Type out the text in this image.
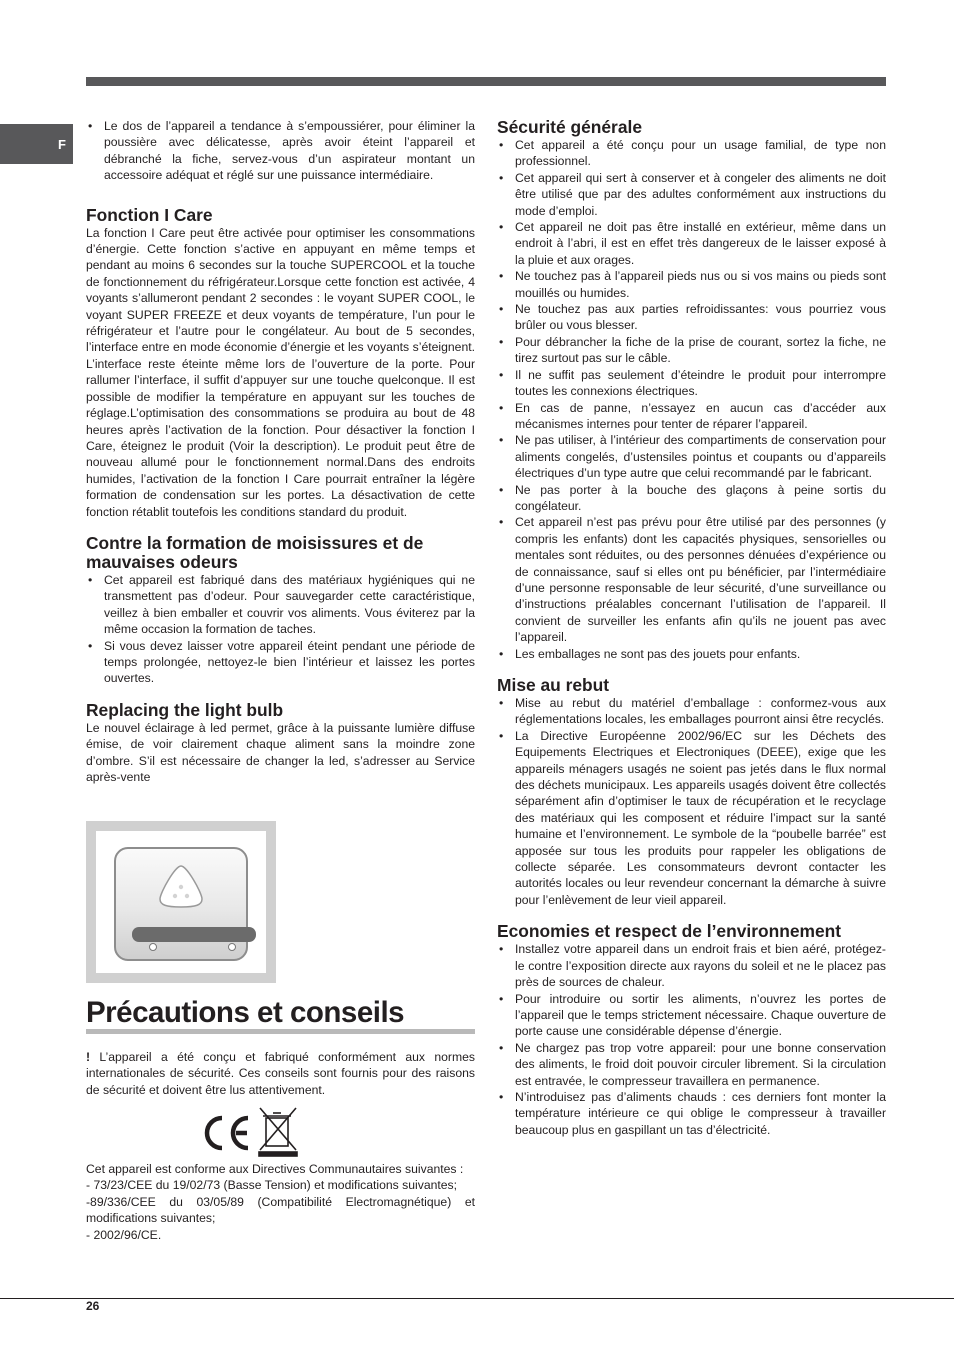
F
• Le dos de l’appareil a tendance à s’empoussiérer, pour éliminer la poussière avec délicatesse, après avoir éteint l’appareil et débranché la fiche, servez-vous d’un aspirateur montant un accessoire adéquat et réglé sur une puissance intermédiaire.
Fonction I Care

La fonction I Care peut être activée pour optimiser les consommations d’énergie. Cette fonction s’active en appuyant en même temps et pendant au moins 6 secondes sur la touche SUPERCOOL et la touche de fonctionnement du réfrigérateur.Lorsque cette fonction est activée, 4 voyants s’allumeront pendant 2 secondes : le voyant SUPER COOL, le voyant SUPER FREEZE et deux voyants de température, l’un pour le réfrigérateur et l’autre pour le congélateur. Au bout de 5 secondes, l’interface entre en mode économie d’énergie et les voyants s’éteignent. L’interface reste éteinte même lors de l’ouverture de la porte. Pour rallumer l’interface, il suffit d’appuyer sur une touche quelconque. Il est possible de modifier la température en appuyant sur les touches de réglage.L’optimisation des consommations se produira au bout de 48 heures après l’activation de la fonction. Pour désactiver la fonction I Care, éteignez le produit (Voir la description). Le produit peut être de nouveau allumé pour le fonctionnement normal.Dans des endroits humides, l’activation de la fonction I Care pourrait entraîner la légère formation de condensation sur les portes. La désactivation de cette fonction rétablit toutefois les conditions standard du produit.

Contre la formation de moisissures et de mauvaises odeurs
• Cet appareil est fabriqué dans des matériaux hygiéniques qui ne transmettent pas d’odeur. Pour sauvegarder cette caractéristique, veillez à bien emballer et couvrir vos aliments. Vous éviterez par la même occasion la formation de taches.
• Si vous devez laisser votre appareil éteint pendant une période de temps prolongée, nettoyez-le bien l’intérieur et laissez les portes ouvertes.
Replacing the light bulb

Le nouvel éclairage à led permet, grâce à la puissante lumière diffuse émise, de voir clairement chaque aliment sans la moindre zone d’ombre. S’il est nécessaire de changer la led, s’adresser au Service après-vente

Précautions et conseils
! L’appareil a été conçu et fabriqué conformément aux normes internationales de sécurité. Ces conseils sont fournis pour des raisons de sécurité et doivent être lus attentivement.
Cet appareil est conforme aux Directives Communautaires suivantes :
- 73/23/CEE du 19/02/73 (Basse Tension) et modifications suivantes;
-89/336/CEE du 03/05/89 (Compatibilité Electromagnétique) et modifications suivantes;
- 2002/96/CE.
Sécurité générale
• Cet appareil a été conçu pour un usage familial, de type non professionnel.
• Cet appareil qui sert à conserver et à congeler des aliments ne doit être utilisé que par des adultes conformément aux instructions du mode d’emploi.
• Cet appareil ne doit pas être installé en extérieur, même dans un endroit à l’abri, il est en effet très dangereux de le laisser exposé à la pluie et aux orages.
• Ne touchez pas à l’appareil pieds nus ou si vos mains ou pieds sont mouillés ou humides.
• Ne touchez pas aux parties refroidissantes: vous pourriez vous brûler ou vous blesser.
• Pour débrancher la fiche de la prise de courant, sortez la fiche, ne tirez surtout pas sur le câble.
• Il ne suffit pas seulement d’éteindre le produit pour interrompre toutes les connexions électriques.
• En cas de panne, n’essayez en aucun cas d’accéder aux mécanismes internes pour tenter de réparer l’appareil.
• Ne pas utiliser, à l’intérieur des compartiments de conservation pour aliments congelés, d’ustensiles pointus et coupants ou d’appareils électriques d’un type autre que celui recommandé par le fabricant.
• Ne pas porter à la bouche des glaçons à peine sortis du congélateur.
• Cet appareil n’est pas prévu pour être utilisé par des personnes (y compris les enfants) dont les capacités physiques, sensorielles ou mentales sont réduites, ou des personnes dénuées d’expérience ou de connaissance, sauf si elles ont pu bénéficier, par l’intermédiaire d’une personne responsable de leur sécurité, d’une surveillance ou d’instructions préalables concernant l’utilisation de l’appareil. Il convient de surveiller les enfants afin qu’ils ne jouent pas avec l’appareil.
• Les emballages ne sont pas des jouets pour enfants.
Mise au rebut
• Mise au rebut du matériel d’emballage : conformez-vous aux réglementations locales, les emballages pourront ainsi être recyclés.
• La Directive Européenne 2002/96/EC sur les Déchets des Equipements Electriques et Electroniques (DEEE), exige que les appareils ménagers usagés ne soient pas jetés dans le flux normal des déchets municipaux. Les appareils usagés doivent être collectés séparément afin d’optimiser le taux de récupération et le recyclage des matériaux qui les composent et réduire l’impact sur la santé humaine et l’environnement. Le symbole de la “poubelle barrée” est apposée sur tous les produits pour rappeler les obligations de collecte séparée. Les consommateurs devront contacter les autorités locales ou leur revendeur concernant la démarche à suivre pour l’enlèvement de leur vieil appareil.
Economies et respect de l’environnement
• Installez votre appareil dans un endroit frais et bien aéré, protégez-le contre l’exposition directe aux rayons du soleil et ne le placez pas près de sources de chaleur.
• Pour introduire ou sortir les aliments, n’ouvrez les portes de l’appareil que le temps strictement nécessaire. Chaque ouverture de porte cause une considérable dépense d’énergie.
• Ne chargez pas trop votre appareil: pour une bonne conservation des aliments, le froid doit pouvoir circuler librement. Si la circulation est entravée, le compresseur travaillera en permanence.
• N’introduisez pas d’aliments chauds : ces derniers font monter la température intérieure ce qui oblige le compresseur à travailler beaucoup plus en gaspillant un tas d’électricité.
26
